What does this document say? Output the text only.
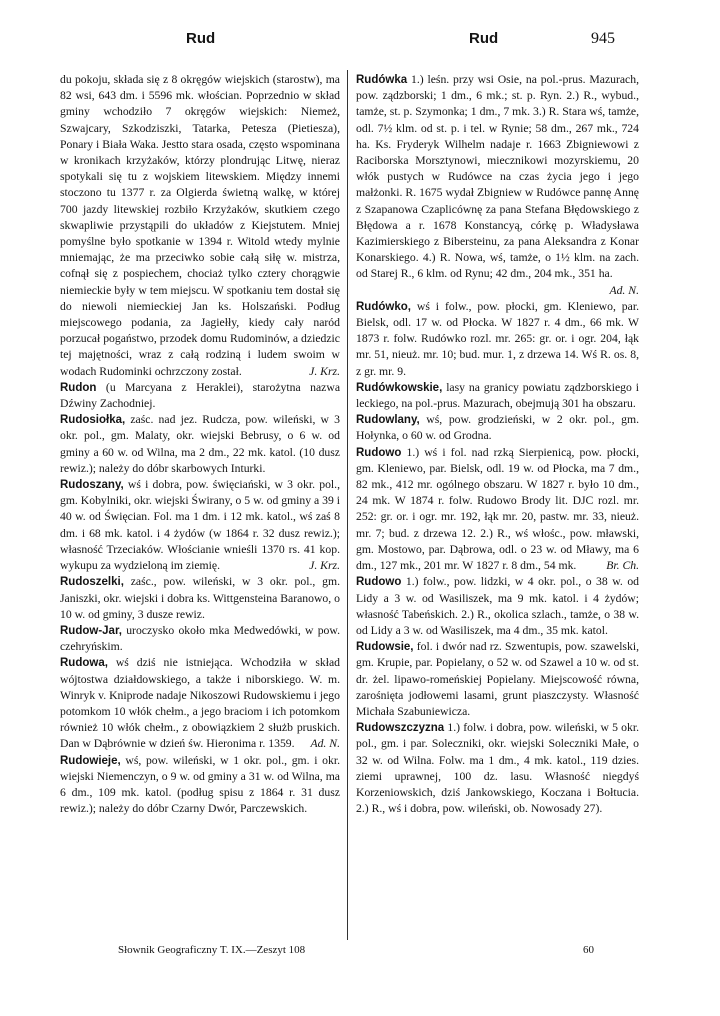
Rud	Rud	945

du pokoju, składa się z 8 okręgów wiejskich (starostw), ma 82 wsi, 643 dm. i 5596 mk. włościan. Poprzednio w skład gminy wchodziło 7 okręgów wiejskich: Niemeż, Szwajcary, Szkodziszki, Tatarka, Petesza (Pietiesza), Ponary i Biała Waka. Jestto stara osada, często wspominana w kronikach krzyżaków, którzy plondrując Litwę, nieraz spotykali się tu z wojskiem litewskiem. Między innemi stoczono tu 1377 r. za Olgierda świetną walkę, w której 700 jazdy litewskiej rozbiło Krzyżaków, skutkiem czego skwapliwie przystąpili do układów z Kiejstutem. Mniej pomyślne było spotkanie w 1394 r. Witold wtedy mylnie mniemając, że ma przeciwko sobie całą siłę w. mistrza, cofnął się z pospiechem, chociaż tylko cztery chorągwie niemieckie były w tem miejscu. W spotkaniu tem dostał się do niewoli niemieckiej Jan ks. Holszański. Podług miejscowego podania, za Jagiełły, kiedy cały naród porzucał pogaństwo, przodek domu Rudominów, a dziedzic tej majętności, wraz z całą rodziną i ludem swoim w wodach Rudominki ochrzczony został.	J. Krz.

Rudon (u Marcyana z Heraklei), starożytna nazwa Dźwiny Zachodniej.

Rudosiołka, zaśc. nad jez. Rudcza, pow. wileński, w 3 okr. pol., gm. Malaty, okr. wiejski Bebrusy, o 6 w. od gminy a 60 w. od Wilna, ma 2 dm., 22 mk. katol. (10 dusz rewiz.); należy do dóbr skarbowych Inturki.

Rudoszany, wś i dobra, pow. święciański, w 3 okr. pol., gm. Kobylniki, okr. wiejski Świrany, o 5 w. od gminy a 39 i 40 w. od Święcian. Fol. ma 1 dm. i 12 mk. katol., wś zaś 8 dm. i 68 mk. katol. i 4 żydów (w 1864 r. 32 dusz rewiz.); własność Trzeciaków. Włościanie wnieśli 1370 rs. 41 kop. wykupu za wydzieloną im ziemię.	J. Krz.

Rudoszelki, zaśc., pow. wileński, w 3 okr. pol., gm. Janiszki, okr. wiejski i dobra ks. Wittgensteina Baranowo, o 10 w. od gminy, 3 dusze rewiz.

Rudow-Jar, uroczysko około mka Medwedówki, w pow. czehryńskim.

Rudowa, wś dziś nie istniejąca. Wchodziła w skład wójtostwa działdowskiego, a także i niborskiego. W. m. Winryk v. Kniprode nadaje Nikoszowi Rudowskiemu i jego potomkom 10 włók chełm., a jego braciom i ich potomkom również 10 włók chełm., z obowiązkiem 2 służb pruskich. Dan w Dąbrównie w dzień św. Hieronima r. 1359. Ad. N.

Rudowieje, wś, pow. wileński, w 1 okr. pol., gm. i okr. wiejski Niemenczyn, o 9 w. od gminy a 31 w. od Wilna, ma 6 dm., 109 mk. katol. (podług spisu z 1864 r. 31 dusz rewiz.); należy do dóbr Czarny Dwór, Parczewskich.

Rudówka 1.) leśn. przy wsi Osie, na pol.-prus. Mazurach, pow. ządzborski; 1 dm., 6 mk.; st. p. Ryn. 2.) R., wybud., tamże, st. p. Szymonka; 1 dm., 7 mk. 3.) R. Stara wś, tamże, odl. 7½ klm. od st. p. i tel. w Rynie; 58 dm., 267 mk., 724 ha. Ks. Fryderyk Wilhelm nadaje r. 1663 Zbigniewowi z Raciborska Morsztynowi, miecznikowi mozyrskiemu, 20 włók pustych w Rudówce na czas życia jego i jego małżonki. R. 1675 wydał Zbigniew w Rudówce pannę Annę z Szapanowa Czaplicównę za pana Stefana Błędowskiego z Błędowa a r. 1678 Konstancyą, córkę p. Władysława Kazimierskiego z Bibersteinu, za pana Aleksandra z Konar Konarskiego. 4.) R. Nowa, wś, tamże, o 1½ klm. na zach. od Starej R., 6 klm. od Rynu; 42 dm., 204 mk., 351 ha.
Ad. N.

Rudówko, wś i folw., pow. płocki, gm. Kleniewo, par. Bielsk, odl. 17 w. od Płocka. W 1827 r. 4 dm., 66 mk. W 1873 r. folw. Rudówko rozl. mr. 265: gr. or. i ogr. 204, łąk mr. 51, nieuż. mr. 10; bud. mur. 1, z drzewa 14. Wś R. os. 8, z gr. mr. 9.

Rudówkowskie, lasy na granicy powiatu ządzborskiego i leckiego, na pol.-prus. Mazurach, obejmują 301 ha obszaru.

Rudowlany, wś, pow. grodzieński, w 2 okr. pol., gm. Hołynka, o 60 w. od Grodna.

Rudowo 1.) wś i fol. nad rzką Sierpienicą, pow. płocki, gm. Kleniewo, par. Bielsk, odl. 19 w. od Płocka, ma 7 dm., 82 mk., 412 mr. ogólnego obszaru. W 1827 r. było 10 dm., 24 mk. W 1874 r. folw. Rudowo Brody lit. DJC rozl. mr. 252: gr. or. i ogr. mr. 192, łąk mr. 20, pastw. mr. 33, nieuż. mr. 7; bud. z drzewa 12. 2.) R., wś włośc., pow. mławski, gm. Mostowo, par. Dąbrowa, odl. o 23 w. od Mławy, ma 6 dm., 127 mk., 201 mr. W 1827 r. 8 dm., 54 mk.	Br. Ch.

Rudowo 1.) folw., pow. lidzki, w 4 okr. pol., o 38 w. od Lidy a 3 w. od Wasiliszek, ma 9 mk. katol. i 4 żydów; własność Tabeńskich. 2.) R., okolica szlach., tamże, o 38 w. od Lidy a 3 w. od Wasiliszek, ma 4 dm., 35 mk. katol.

Rudowsie, fol. i dwór nad rz. Szwentupis, pow. szawelski, gm. Krupie, par. Popielany, o 52 w. od Szawel a 10 w. od st. dr. żel. lipawo-romeńskiej Popielany. Miejscowość równa, zarośnięta jodłowemi lasami, grunt piaszczysty. Własność Michała Szabuniewicza.

Rudowszczyzna 1.) folw. i dobra, pow. wileński, w 5 okr. pol., gm. i par. Soleczniki, okr. wiejski Soleczniki Małe, o 32 w. od Wilna. Folw. ma 1 dm., 4 mk. katol., 119 dzies. ziemi uprawnej, 100 dz. lasu. Własność niegdyś Korzeniowskich, dziś Jankowskiego, Koczana i Bołtucia. 2.) R., wś i dobra, pow. wileński, ob. Nowosady 27).

Słownik Geograficzny T. IX.—Zeszyt 108	60
